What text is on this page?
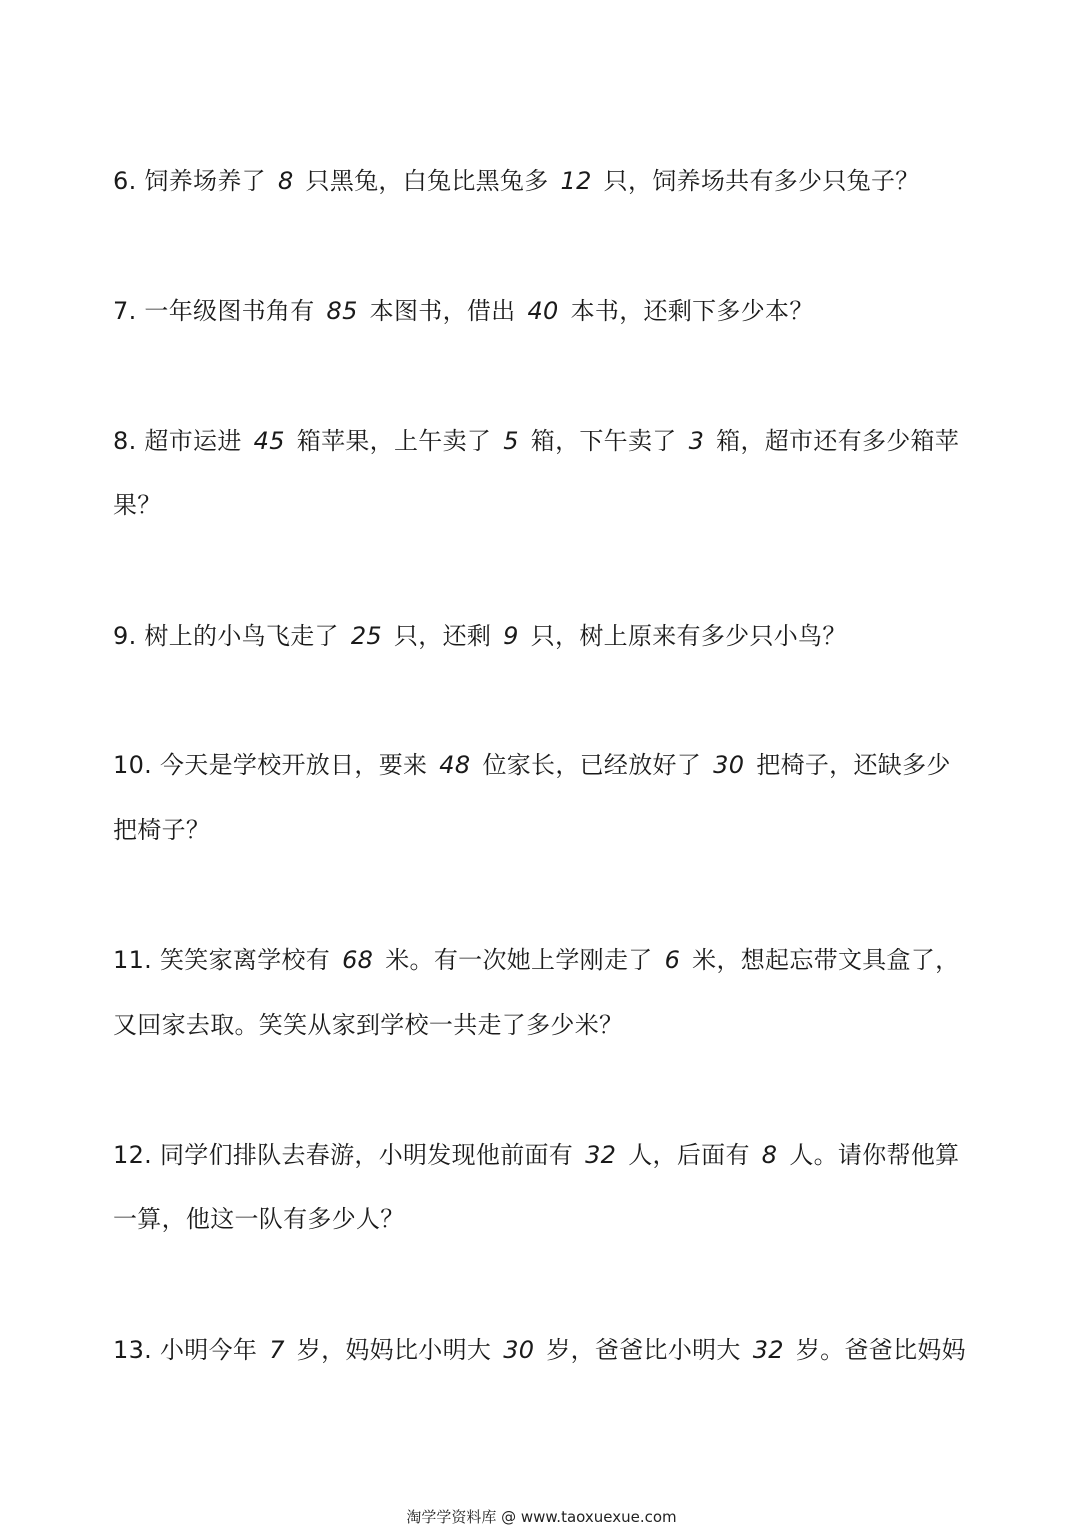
6. 饲养场养了 8 只黑兔，白兔比黑兔多 12 只，饲养场共有多少只兔子？
7. 一年级图书角有 85 本图书，借出 40 本书，还剩下多少本？
8. 超市运进 45 箱苹果，上午卖了 5 箱，下午卖了 3 箱，超市还有多少箱苹
果？
9. 树上的小鸟飞走了 25 只，还剩 9 只，树上原来有多少只小鸟？
10. 今天是学校开放日，要来 48 位家长，已经放好了 30 把椅子，还缺多少
把椅子？
11. 笑笑家离学校有 68 米。有一次她上学刚走了 6 米，想起忘带文具盒了，
又回家去取。笑笑从家到学校一共走了多少米？
12. 同学们排队去春游，小明发现他前面有 32 人，后面有 8 人。请你帮他算
一算，他这一队有多少人？
13. 小明今年 7 岁，妈妈比小明大 30 岁，爸爸比小明大 32 岁。爸爸比妈妈
淘学学资料库 @ www.taoxuexue.com
